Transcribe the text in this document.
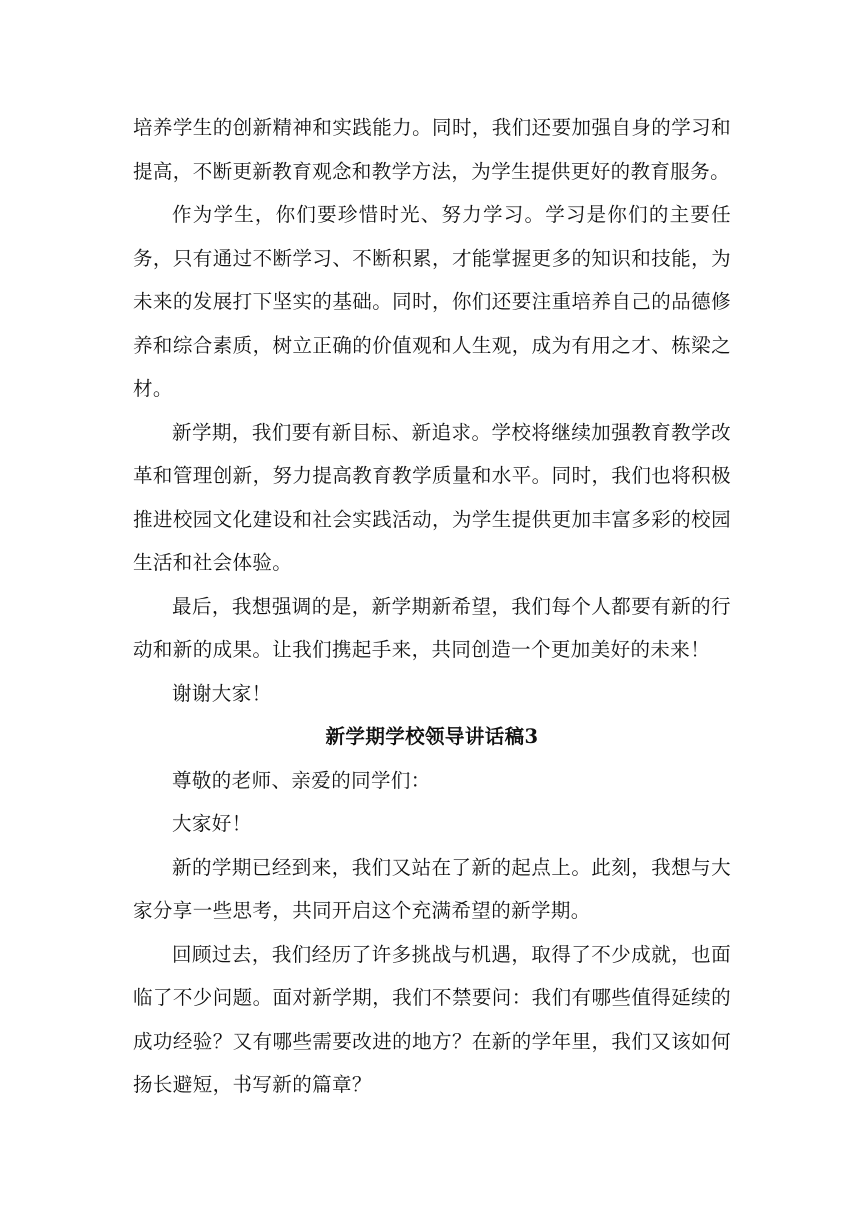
培养学生的创新精神和实践能力。同时，我们还要加强自身的学习和提高，不断更新教育观念和教学方法，为学生提供更好的教育服务。

作为学生，你们要珍惜时光、努力学习。学习是你们的主要任务，只有通过不断学习、不断积累，才能掌握更多的知识和技能，为未来的发展打下坚实的基础。同时，你们还要注重培养自己的品德修养和综合素质，树立正确的价值观和人生观，成为有用之才、栋梁之材。

新学期，我们要有新目标、新追求。学校将继续加强教育教学改革和管理创新，努力提高教育教学质量和水平。同时，我们也将积极推进校园文化建设和社会实践活动，为学生提供更加丰富多彩的校园生活和社会体验。

最后，我想强调的是，新学期新希望，我们每个人都要有新的行动和新的成果。让我们携起手来，共同创造一个更加美好的未来！

谢谢大家！

新学期学校领导讲话稿3

尊敬的老师、亲爱的同学们：

大家好！

新的学期已经到来，我们又站在了新的起点上。此刻，我想与大家分享一些思考，共同开启这个充满希望的新学期。

回顾过去，我们经历了许多挑战与机遇，取得了不少成就，也面临了不少问题。面对新学期，我们不禁要问：我们有哪些值得延续的成功经验？又有哪些需要改进的地方？在新的学年里，我们又该如何扬长避短，书写新的篇章？
